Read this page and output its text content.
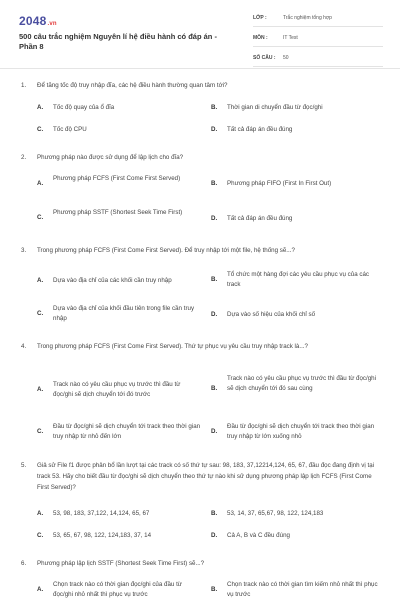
2048.vn
500 câu trắc nghiệm Nguyên lí hệ điều hành có đáp án - Phần 8
LỚP :	Trắc nghiệm tổng hợp
MÔN :	IT Test
SỐ CÂU : 50
1. Để tăng tốc độ truy nhập đĩa, các hệ điều hành thường quan tâm tới?
A. Tốc độ quay của ổ đĩa	B. Thời gian di chuyển đầu từ đọc/ghi
C. Tốc độ CPU	D. Tất cả đáp án đều đúng
2. Phương pháp nào được sử dụng để lập lịch cho đĩa?
A.
Phương pháp FCFS (First Come First Served)
B. Phương pháp FIFO (First In First Out)
C.
Phương pháp SSTF (Shortest Seek Time First)
D. Tất cả đáp án đều đúng
3. Trong phương pháp FCFS (First Come First Served). Để truy nhập tới một file, hệ thống sẽ...?
A. Dựa vào địa chỉ của các khối cần truy nhập	B.
Tổ chức một hàng đợi các yêu cầu phục vụ của các track
C.
Dựa vào địa chỉ của khối đầu tiên trong file cần truy nhập
D. Dựa vào số hiệu của khối chỉ số
4. Trong phương pháp FCFS (First Come First Served). Thứ tự phục vụ yêu cầu truy nhập track là...?
A.
Track nào có yêu cầu phục vụ trước thì đầu từ đọc/ghi sẽ dịch chuyển tới đó trước
B.
Track nào có yêu cầu phục vụ trước thì đầu từ đọc/ghi sẽ dịch chuyển tới đó sau cùng
C.
Đầu từ đọc/ghi sẽ dịch chuyển tới track theo thời gian truy nhập từ nhỏ đến lớn
D.
Đầu từ đọc/ghi sẽ dịch chuyển tới track theo thời gian truy nhập từ lớn xuống nhỏ
5. Giả sử File f1 được phân bổ lần lượt tại các track có số thứ tự sau: 98, 183, 37,12214,124, 65, 67, đầu đọc đang định vị tại track 53. Hãy cho biết đầu từ đọc/ghi sẽ dịch chuyển theo thứ tự nào khi sử dụng phương pháp lập lịch FCFS (First Come First Served)?
A. 53, 98, 183, 37,122, 14,124, 65, 67	B. 53, 14, 37, 65,67, 98, 122, 124,183
C. 53, 65, 67, 98, 122, 124,183, 37, 14	D. Cả A, B và C đều đúng
6. Phương pháp lập lịch SSTF (Shortest Seek Time First) sẽ...?
A.
Chọn track nào có thời gian đọc/ghi của đầu từ đọc/ghi nhỏ nhất thì phục vụ trước
B.
Chọn track nào có thời gian tìm kiếm nhỏ nhất thì phục vụ trước
